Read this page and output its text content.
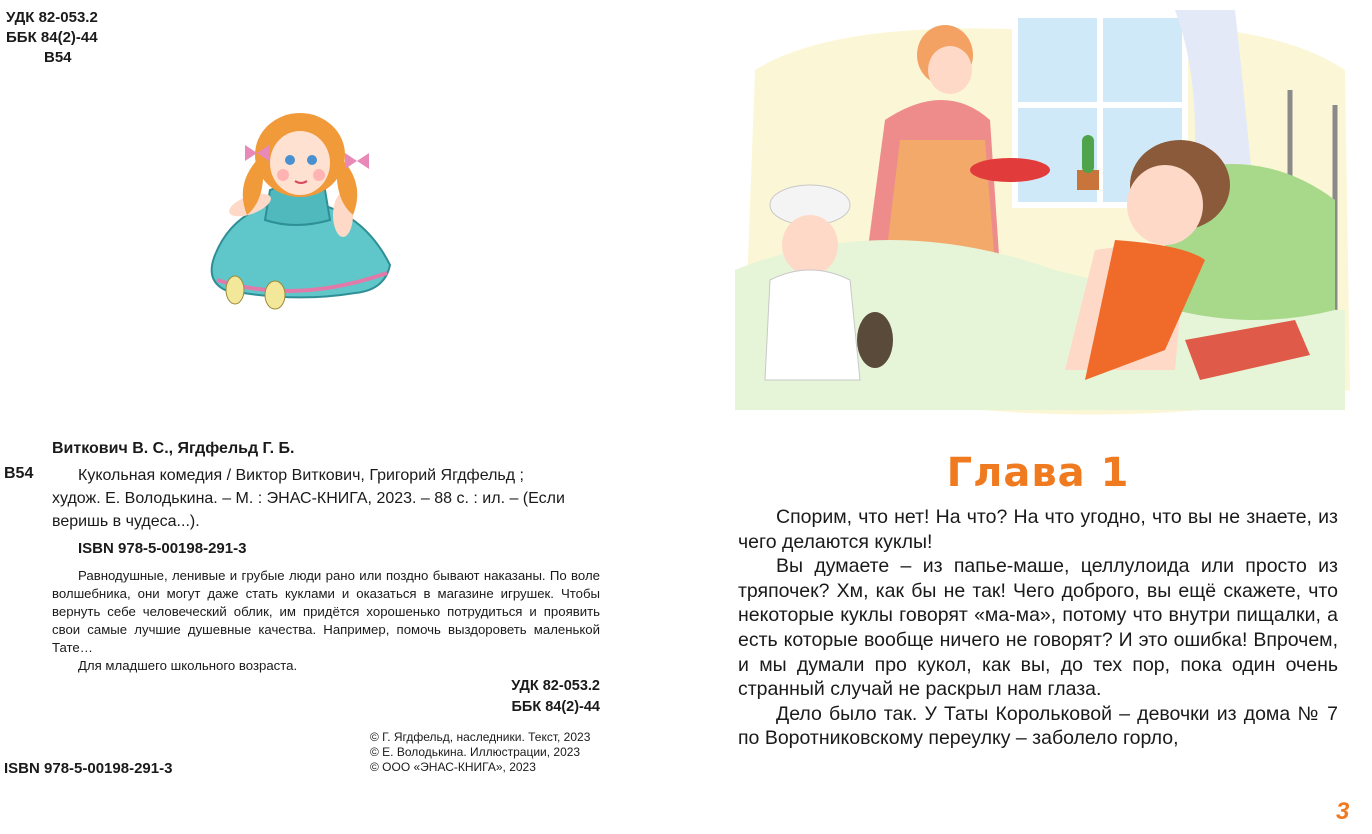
УДК 82-053.2
ББК 84(2)-44
В54
Виткович В. С., Ягдфельд Г. Б.
В54	Кукольная комедия / Виктор Виткович, Григорий Ягдфельд ;
худож. Е. Володькина. – М. : ЭНАС-КНИГА, 2023. – 88 с. : ил. – (Если
веришь в чудеса...).
ISBN 978-5-00198-291-3

Равнодушные, ленивые и грубые люди рано или поздно бывают наказаны. По воле волшебника, они могут даже стать куклами и оказаться в магазине игрушек. Чтобы вернуть себе человеческий облик, им придётся хорошенько потрудиться и проявить свои самые лучшие душевные качества. Например, помочь выздороветь маленькой Тате…

Для младшего школьного возраста.

УДК 82-053.2
ББК 84(2)-44
© Г. Ягдфельд, наследники. Текст, 2023
© Е. Володькина. Иллюстрации, 2023
© ООО «ЭНАС-КНИГА», 2023
ISBN 978-5-00198-291-3
Глава 1

Спорим, что нет! На что? На что угодно, что вы не знаете, из чего делаются куклы!

Вы думаете – из папье-маше, целлулоида или просто из тряпочек? Хм, как бы не так! Чего доброго, вы ещё скажете, что некоторые куклы говорят «ма-ма», потому что внутри пищалки, а есть которые вообще ничего не говорят? И это ошибка! Впрочем, и мы думали про кукол, как вы, до тех пор, пока один очень странный случай не раскрыл нам глаза.

Дело было так. У Таты Корольковой – девочки из дома № 7 по Воротниковскому переулку – заболело горло,

3
